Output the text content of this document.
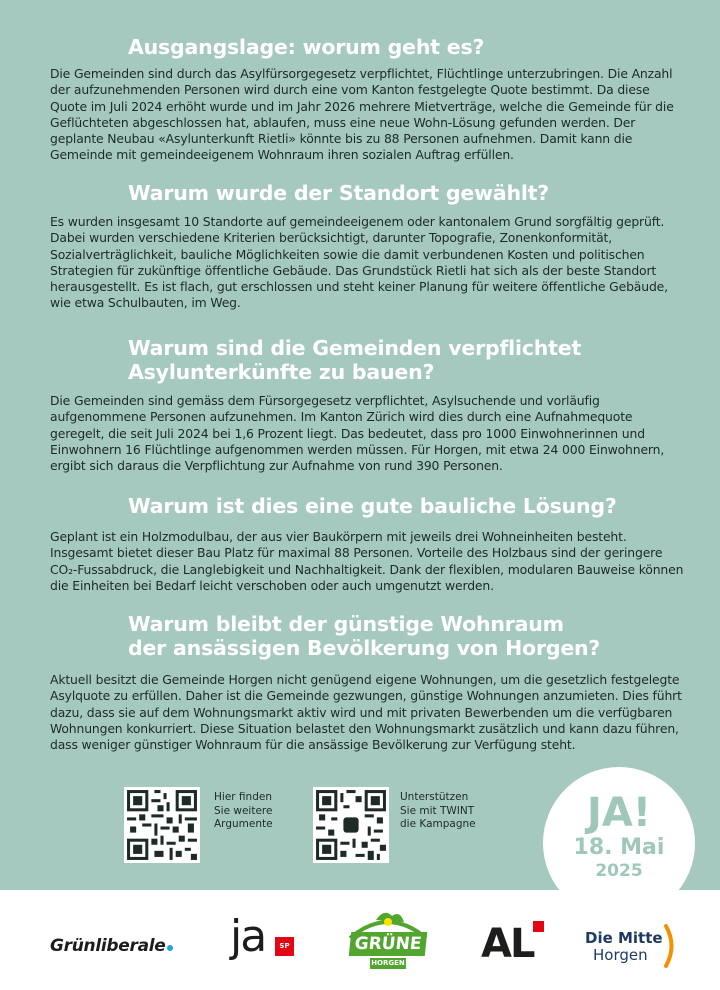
Ausgangslage: worum geht es?

Die Gemeinden sind durch das Asylfürsorgegesetz verpflichtet, Flüchtlinge unterzubringen. Die Anzahl der aufzunehmenden Personen wird durch eine vom Kanton festgelegte Quote bestimmt. Da diese Quote im Juli 2024 erhöht wurde und im Jahr 2026 mehrere Mietverträge, welche die Gemeinde für die Geflüchteten abgeschlossen hat, ablaufen, muss eine neue Wohn-Lösung gefunden werden. Der geplante Neubau «Asylunterkunft Rietli» könnte bis zu 88 Personen aufnehmen. Damit kann die Gemeinde mit gemeindeeigenem Wohnraum ihren sozialen Auftrag erfüllen.

Warum wurde der Standort gewählt?

Es wurden insgesamt 10 Standorte auf gemeindeeigenem oder kantonalem Grund sorgfältig geprüft. Dabei wurden verschiedene Kriterien berücksichtigt, darunter Topografie, Zonenkonformität, Sozialverträglichkeit, bauliche Möglichkeiten sowie die damit verbundenen Kosten und politischen Strategien für zukünftige öffentliche Gebäude. Das Grundstück Rietli hat sich als der beste Standort herausgestellt. Es ist flach, gut erschlossen und steht keiner Planung für weitere öffentliche Gebäude, wie etwa Schulbauten, im Weg.

Warum sind die Gemeinden verpflichtet
Asylunterkünfte zu bauen?

Die Gemeinden sind gemäss dem Fürsorgegesetz verpflichtet, Asylsuchende und vorläufig aufgenommene Personen aufzunehmen. Im Kanton Zürich wird dies durch eine Aufnahmequote geregelt, die seit Juli 2024 bei 1,6 Prozent liegt. Das bedeutet, dass pro 1000 Einwohnerinnen und Einwohnern 16 Flüchtlinge aufgenommen werden müssen. Für Horgen, mit etwa 24 000 Einwohnern, ergibt sich daraus die Verpflichtung zur Aufnahme von rund 390 Personen.

Warum ist dies eine gute bauliche Lösung?

Geplant ist ein Holzmodulbau, der aus vier Baukörpern mit jeweils drei Wohneinheiten besteht. Insgesamt bietet dieser Bau Platz für maximal 88 Personen. Vorteile des Holzbaus sind der geringere CO₂-Fussabdruck, die Langlebigkeit und Nachhaltigkeit. Dank der flexiblen, modularen Bauweise können die Einheiten bei Bedarf leicht verschoben oder auch umgenutzt werden.

Warum bleibt der günstige Wohnraum
der ansässigen Bevölkerung von Horgen?

Aktuell besitzt die Gemeinde Horgen nicht genügend eigene Wohnungen, um die gesetzlich festgelegte Asylquote zu erfüllen. Daher ist die Gemeinde gezwungen, günstige Wohnungen anzumieten. Dies führt dazu, dass sie auf dem Wohnungsmarkt aktiv wird und mit privaten Bewerbenden um die verfügbaren Wohnungen konkurriert. Diese Situation belastet den Wohnungsmarkt zusätzlich und kann dazu führen, dass weniger günstiger Wohnraum für die ansässige Bevölkerung zur Verfügung steht.

Hier finden
Sie weitere
Argumente
Unterstützen
Sie mit TWINT
die Kampagne
Grünliberale ja	SP	GRÜNE
HORGEN AL	Die Mitte
Horgen
JA!
18. Mai
2025
